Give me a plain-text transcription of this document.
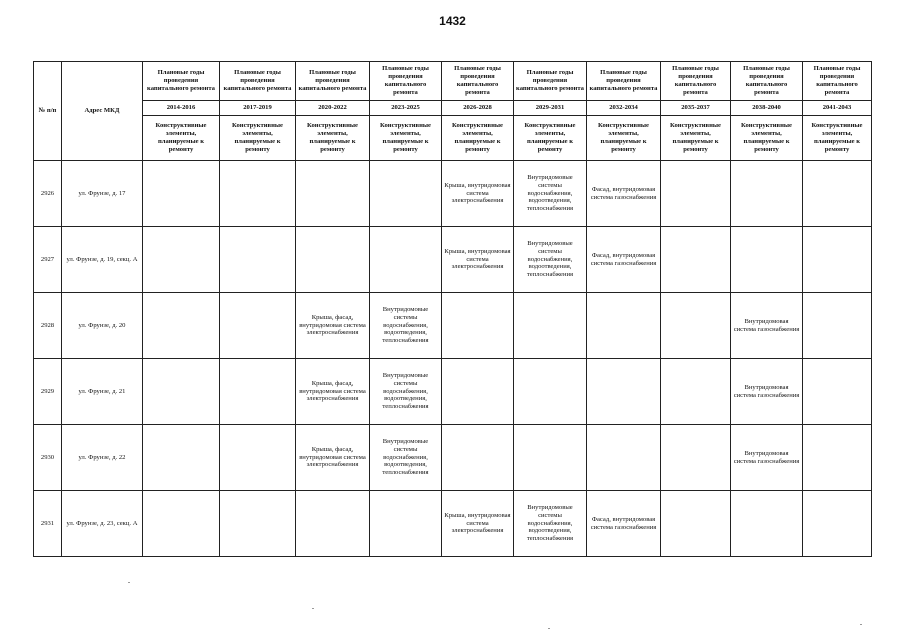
1432
№ п/п	Адрес МКД	Плановые годы проведения капитального ремонта	Плановые годы проведения капитального ремонта	Плановые годы проведения капитального ремонта	Плановые годы проведения капитального ремонта	Плановые годы проведения капитального ремонта	Плановые годы проведения капитального ремонта	Плановые годы проведения капитального ремонта	Плановые годы проведения капитального ремонта	Плановые годы проведения капитального ремонта	Плановые годы проведения капитального ремонта
		2014-2016	2017-2019	2020-2022	2023-2025	2026-2028	2029-2031	2032-2034	2035-2037	2038-2040	2041-2043
		Конструктивные элементы, планируемые к ремонту	Конструктивные элементы, планируемые к ремонту	Конструктивные элементы, планируемые к ремонту	Конструктивные элементы, планируемые к ремонту	Конструктивные элементы, планируемые к ремонту	Конструктивные элементы, планируемые к ремонту	Конструктивные элементы, планируемые к ремонту	Конструктивные элементы, планируемые к ремонту	Конструктивные элементы, планируемые к ремонту	Конструктивные элементы, планируемые к ремонту
2926	ул. Фрунзе, д. 17					Крыша, внутридомовая система электроснабжения	Внутридомовые системы водоснабжения, водоотведения, теплоснабжения	Фасад, внутридомовая система газоснабжения			
2927	ул. Фрунзе, д. 19, секц. А					Крыша, внутридомовая система электроснабжения	Внутридомовые системы водоснабжения, водоотведения, теплоснабжения	Фасад, внутридомовая система газоснабжения			
2928	ул. Фрунзе, д. 20			Крыша, фасад, внутридомовая система электроснабжения	Внутридомовые системы водоснабжения, водоотведения, теплоснабжения					Внутридомовая система газоснабжения	
2929	ул. Фрунзе, д. 21			Крыша, фасад, внутридомовая система электроснабжения	Внутридомовые системы водоснабжения, водоотведения, теплоснабжения					Внутридомовая система газоснабжения	
2930	ул. Фрунзе, д. 22			Крыша, фасад, внутридомовая система электроснабжения	Внутридомовые системы водоснабжения, водоотведения, теплоснабжения					Внутридомовая система газоснабжения	
2931	ул. Фрунзе, д. 23, секц. А					Крыша, внутридомовая система электроснабжения	Внутридомовые системы водоснабжения, водоотведения, теплоснабжения	Фасад, внутридомовая система газоснабжения			
